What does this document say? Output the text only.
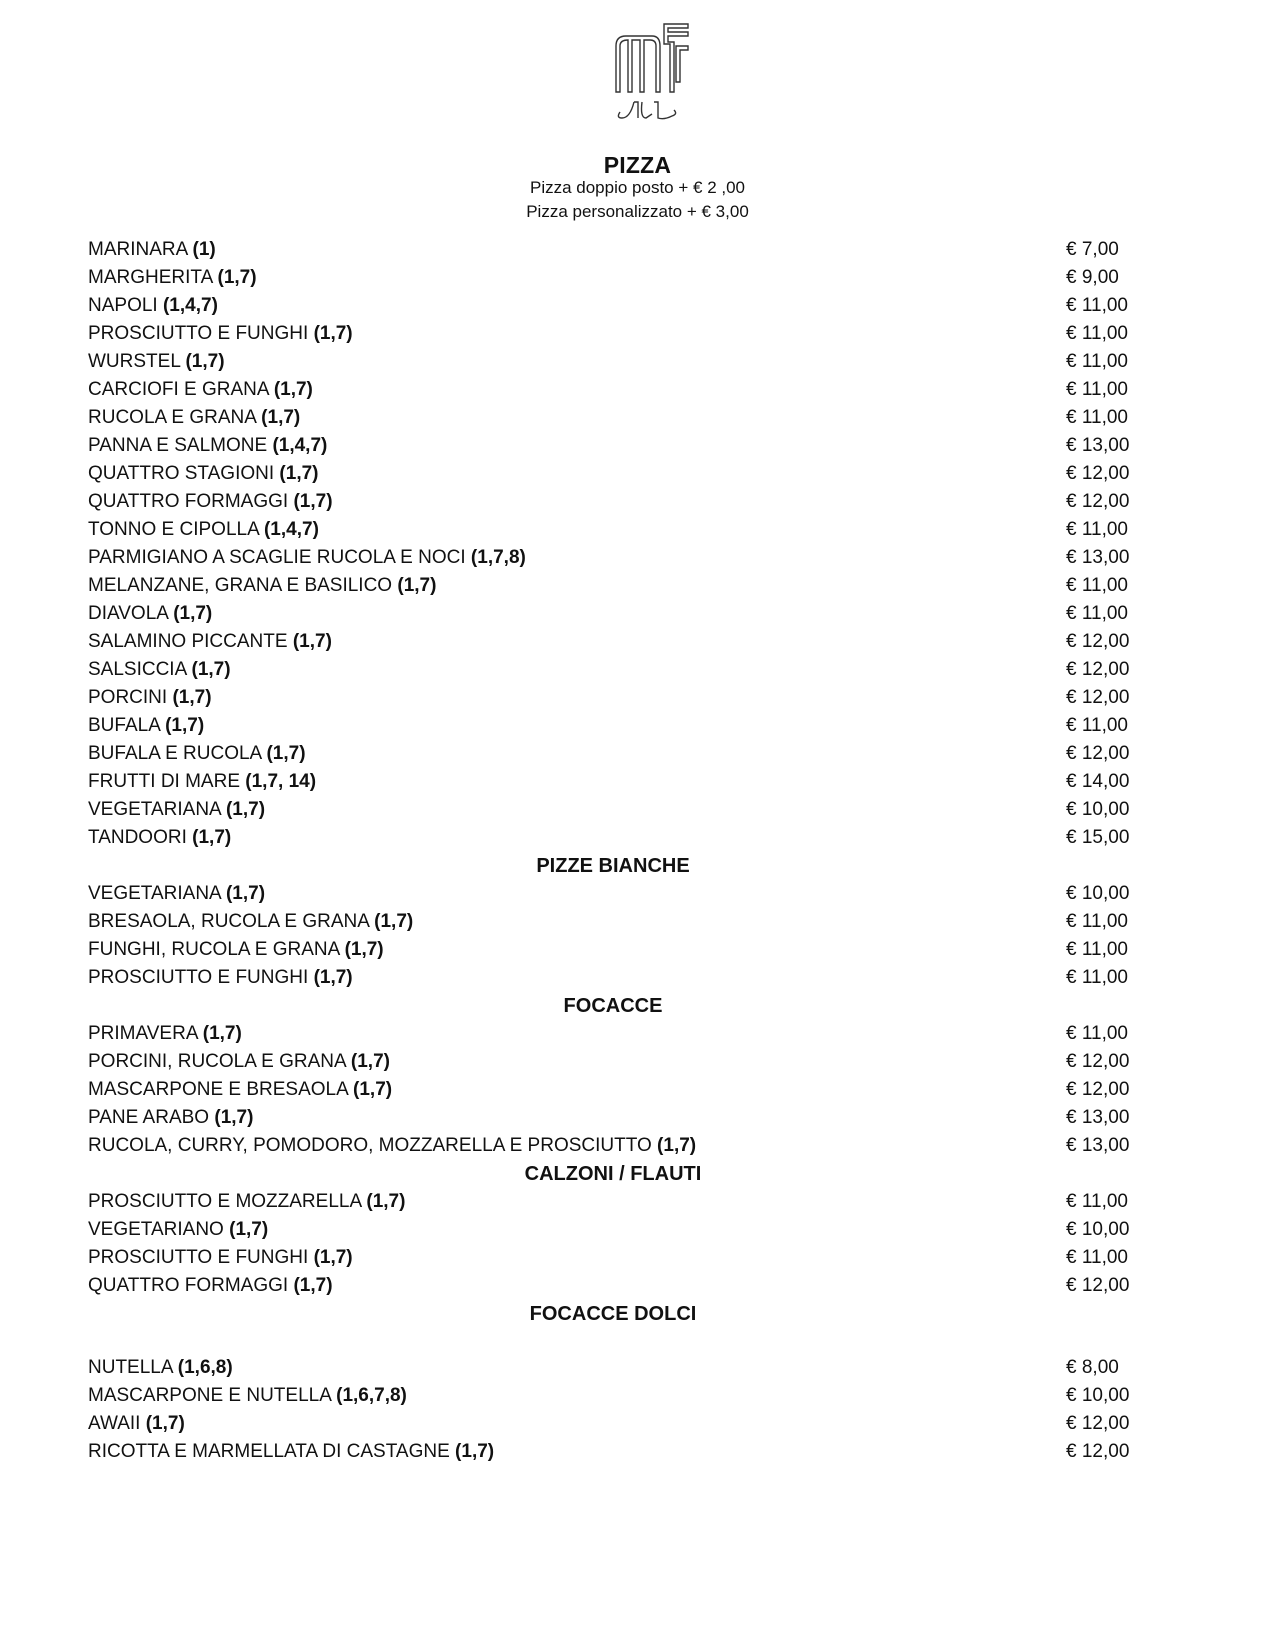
PIZZA
Pizza doppio posto + € 2 ,00
Pizza personalizzato + € 3,00
MARINARA (1)	€ 7,00
MARGHERITA (1,7)	€ 9,00
NAPOLI (1,4,7)	€ 11,00
PROSCIUTTO E FUNGHI (1,7)	€ 11,00
WURSTEL (1,7)	€ 11,00
CARCIOFI E GRANA (1,7)	€ 11,00
RUCOLA E GRANA (1,7)	€ 11,00
PANNA E SALMONE (1,4,7)	€ 13,00
QUATTRO STAGIONI (1,7)	€ 12,00
QUATTRO FORMAGGI (1,7)	€ 12,00
TONNO E CIPOLLA (1,4,7)	€ 11,00
PARMIGIANO A SCAGLIE RUCOLA E NOCI (1,7,8)	€ 13,00
MELANZANE, GRANA E BASILICO (1,7)	€ 11,00
DIAVOLA (1,7)	€ 11,00
SALAMINO PICCANTE (1,7)	€ 12,00
SALSICCIA (1,7)	€ 12,00
PORCINI (1,7)	€ 12,00
BUFALA (1,7)	€ 11,00
BUFALA E RUCOLA (1,7)	€ 12,00
FRUTTI DI MARE (1,7, 14)	€ 14,00
VEGETARIANA (1,7)	€ 10,00
TANDOORI (1,7)	€ 15,00
PIZZE BIANCHE
VEGETARIANA (1,7)	€ 10,00
BRESAOLA, RUCOLA E GRANA (1,7)	€ 11,00
FUNGHI, RUCOLA E GRANA (1,7)	€ 11,00
PROSCIUTTO E FUNGHI (1,7)	€ 11,00
FOCACCE
PRIMAVERA (1,7)	€ 11,00
PORCINI, RUCOLA E GRANA (1,7)	€ 12,00
MASCARPONE E BRESAOLA (1,7)	€ 12,00
PANE ARABO (1,7)	€ 13,00
RUCOLA, CURRY, POMODORO, MOZZARELLA E PROSCIUTTO (1,7)	€ 13,00
CALZONI / FLAUTI
PROSCIUTTO E MOZZARELLA (1,7)	€ 11,00
VEGETARIANO (1,7)	€ 10,00
PROSCIUTTO E FUNGHI (1,7)	€ 11,00
QUATTRO FORMAGGI (1,7)	€ 12,00
FOCACCE DOLCI
NUTELLA (1,6,8)	€ 8,00
MASCARPONE E NUTELLA (1,6,7,8)	€ 10,00
AWAII (1,7)	€ 12,00
RICOTTA E MARMELLATA DI CASTAGNE (1,7)	€ 12,00
